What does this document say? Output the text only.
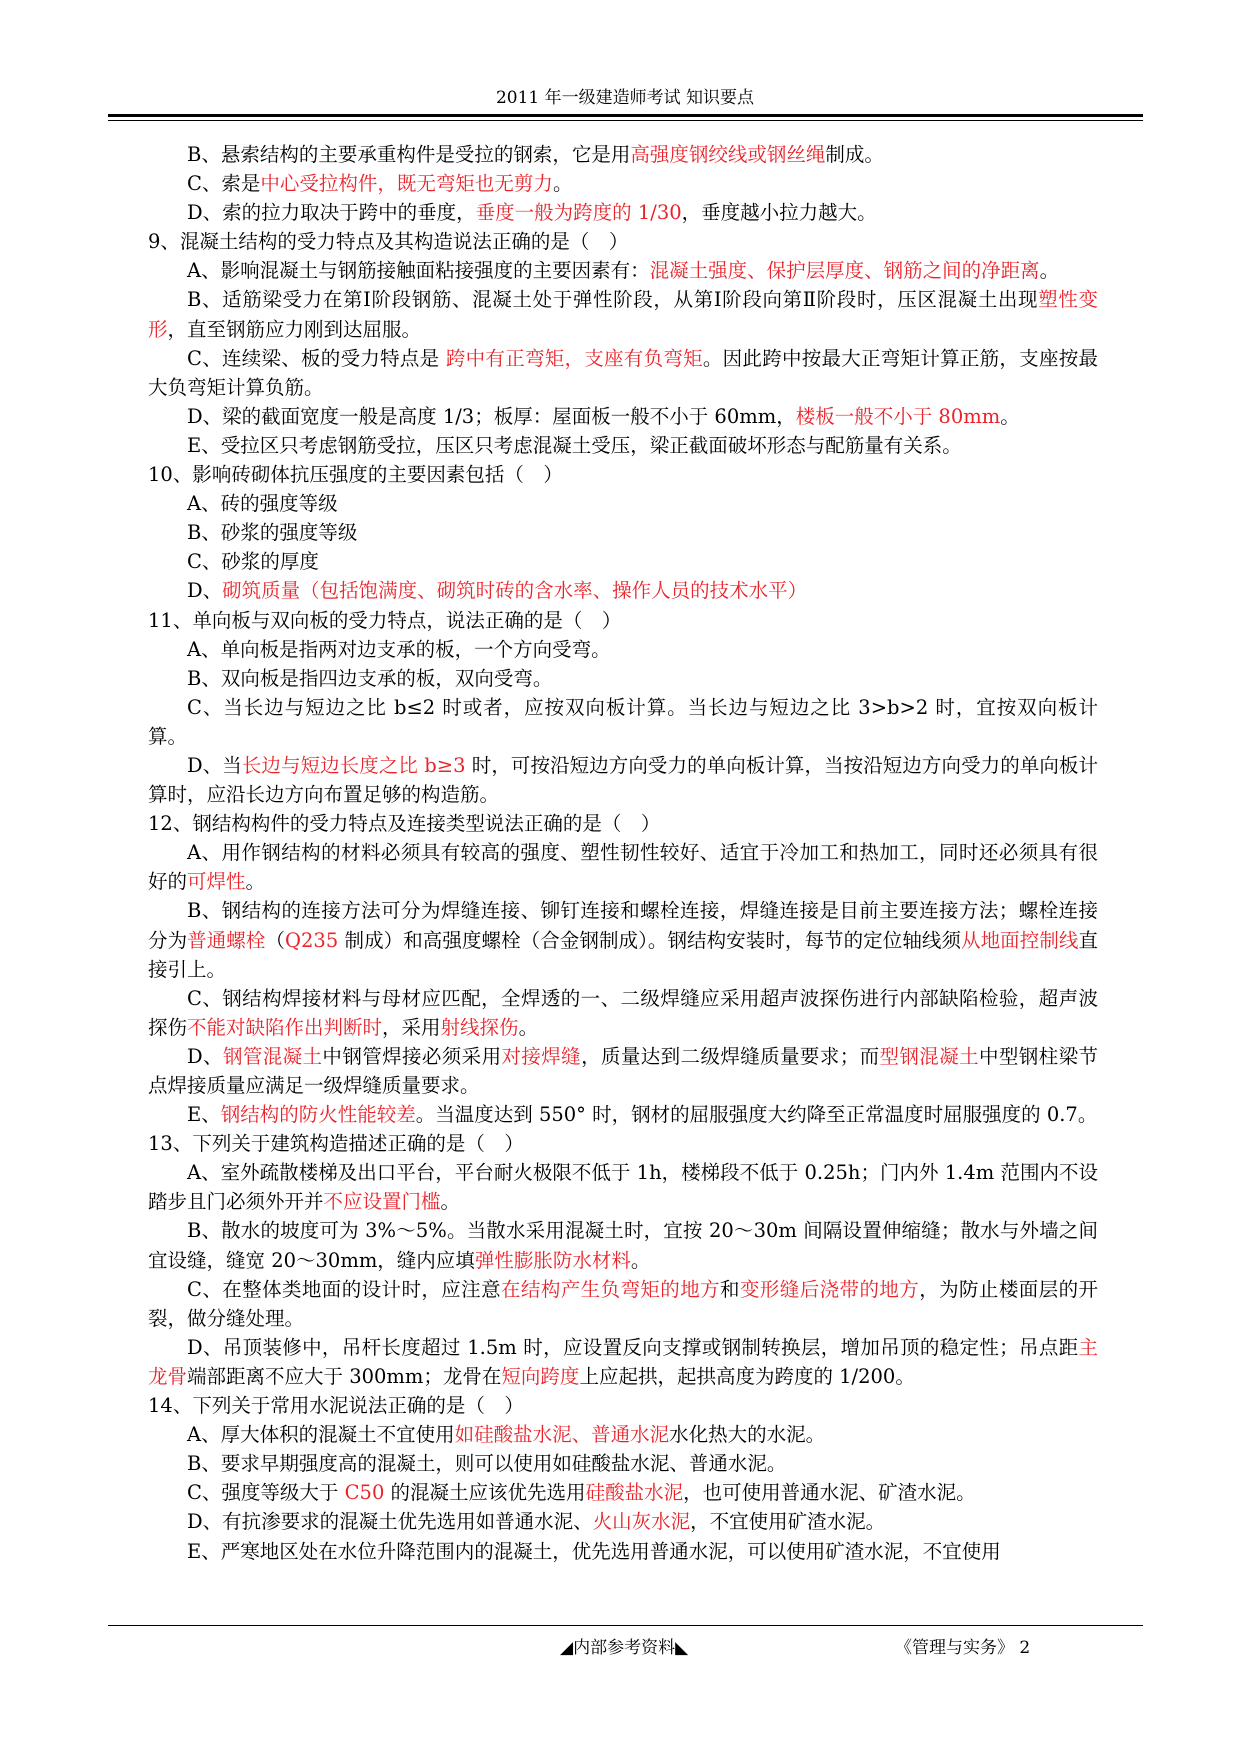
2011 年一级建造师考试 知识要点

B、悬索结构的主要承重构件是受拉的钢索，它是用高强度钢绞线或钢丝绳制成。

C、索是中心受拉构件，既无弯矩也无剪力。

D、索的拉力取决于跨中的垂度，垂度一般为跨度的 1/30，垂度越小拉力越大。

9、混凝土结构的受力特点及其构造说法正确的是（　）

A、影响混凝土与钢筋接触面粘接强度的主要因素有：混凝土强度、保护层厚度、钢筋之间的净距离。

B、适筋梁受力在第Ⅰ阶段钢筋、混凝土处于弹性阶段，从第Ⅰ阶段向第Ⅱ阶段时，压区混凝土出现塑性变形，直至钢筋应力刚到达屈服。

C、连续梁、板的受力特点是 跨中有正弯矩，支座有负弯矩。因此跨中按最大正弯矩计算正筋，支座按最大负弯矩计算负筋。

D、梁的截面宽度一般是高度 1/3；板厚：屋面板一般不小于 60mm，楼板一般不小于 80mm。

E、受拉区只考虑钢筋受拉，压区只考虑混凝土受压，梁正截面破坏形态与配筋量有关系。

10、影响砖砌体抗压强度的主要因素包括（　）

A、砖的强度等级

B、砂浆的强度等级

C、砂浆的厚度

D、砌筑质量（包括饱满度、砌筑时砖的含水率、操作人员的技术水平）

11、单向板与双向板的受力特点，说法正确的是（　）

A、单向板是指两对边支承的板，一个方向受弯。

B、双向板是指四边支承的板，双向受弯。

C、当长边与短边之比 b≤2 时或者，应按双向板计算。当长边与短边之比 3>b>2 时，宜按双向板计算。

D、当长边与短边长度之比 b≥3 时，可按沿短边方向受力的单向板计算，当按沿短边方向受力的单向板计算时，应沿长边方向布置足够的构造筋。

12、钢结构构件的受力特点及连接类型说法正确的是（　）

A、用作钢结构的材料必须具有较高的强度、塑性韧性较好、适宜于冷加工和热加工，同时还必须具有很好的可焊性。

B、钢结构的连接方法可分为焊缝连接、铆钉连接和螺栓连接，焊缝连接是目前主要连接方法；螺栓连接分为普通螺栓（Q235 制成）和高强度螺栓（合金钢制成）。钢结构安装时，每节的定位轴线须从地面控制线直接引上。

C、钢结构焊接材料与母材应匹配，全焊透的一、二级焊缝应采用超声波探伤进行内部缺陷检验，超声波探伤不能对缺陷作出判断时，采用射线探伤。

D、钢管混凝土中钢管焊接必须采用对接焊缝，质量达到二级焊缝质量要求；而型钢混凝土中型钢柱梁节点焊接质量应满足一级焊缝质量要求。

E、钢结构的防火性能较差。当温度达到 550° 时，钢材的屈服强度大约降至正常温度时屈服强度的 0.7。

13、下列关于建筑构造描述正确的是（　）

A、室外疏散楼梯及出口平台，平台耐火极限不低于 1h，楼梯段不低于 0.25h；门内外 1.4m 范围内不设踏步且门必须外开并不应设置门槛。

B、散水的坡度可为 3%～5%。当散水采用混凝土时，宜按 20～30m 间隔设置伸缩缝；散水与外墙之间宜设缝，缝宽 20～30mm，缝内应填弹性膨胀防水材料。

C、在整体类地面的设计时，应注意在结构产生负弯矩的地方和变形缝后浇带的地方，为防止楼面层的开裂，做分缝处理。

D、吊顶装修中，吊杆长度超过 1.5m 时，应设置反向支撑或钢制转换层，增加吊顶的稳定性；吊点距主龙骨端部距离不应大于 300mm；龙骨在短向跨度上应起拱，起拱高度为跨度的 1/200。

14、下列关于常用水泥说法正确的是（　）

A、厚大体积的混凝土不宜使用如硅酸盐水泥、普通水泥水化热大的水泥。

B、要求早期强度高的混凝土，则可以使用如硅酸盐水泥、普通水泥。

C、强度等级大于 C50 的混凝土应该优先选用硅酸盐水泥，也可使用普通水泥、矿渣水泥。

D、有抗渗要求的混凝土优先选用如普通水泥、火山灰水泥，不宜使用矿渣水泥。

E、严寒地区处在水位升降范围内的混凝土，优先选用普通水泥，可以使用矿渣水泥，不宜使用

◢内部参考资料◣	《管理与实务》 2
